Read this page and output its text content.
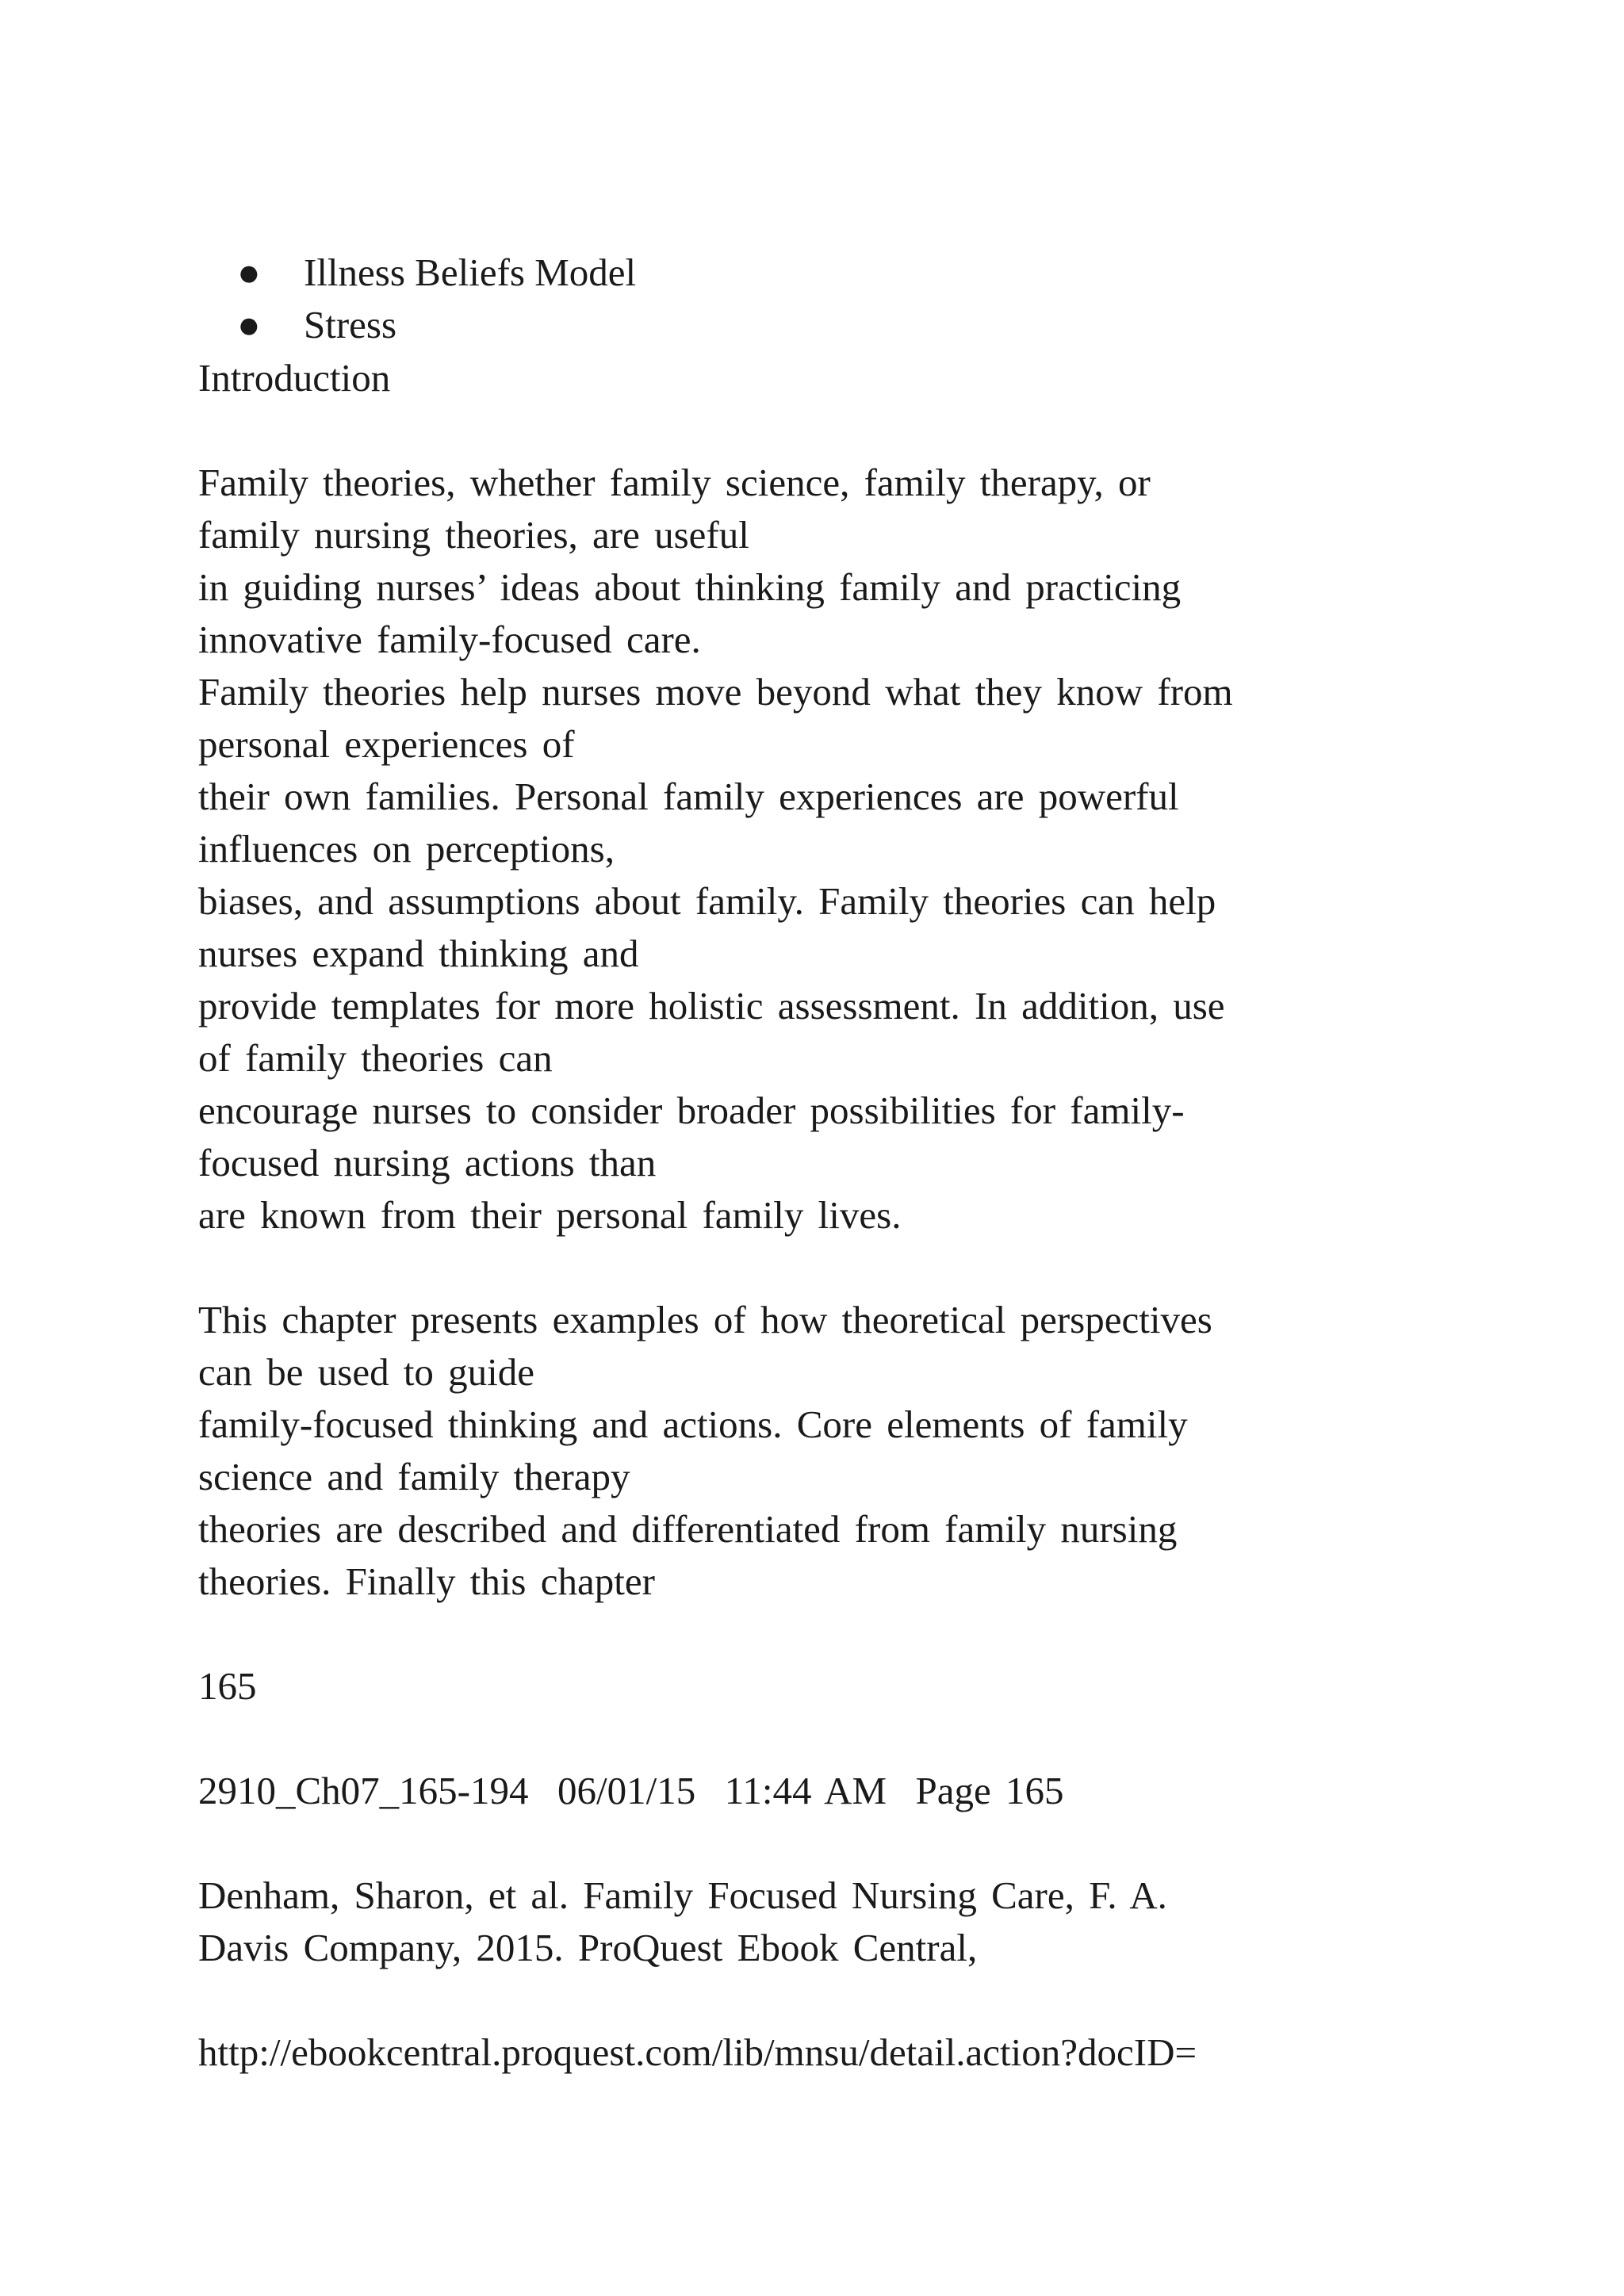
● Illness Beliefs Model

● Stress

Introduction
Family theories, whether family science, family therapy, or
family nursing theories, are useful
in guiding nurses’ ideas about thinking family and practicing
innovative family-focused care.
Family theories help nurses move beyond what they know from
personal experiences of
their own families. Personal family experiences are powerful
influences on perceptions,
biases, and assumptions about family. Family theories can help
nurses expand thinking and
provide templates for more holistic assessment. In addition, use
of family theories can
encourage nurses to consider broader possibilities for family-
focused nursing actions than
are known from their personal family lives.
This chapter presents examples of how theoretical perspectives
can be used to guide
family-focused thinking and actions. Core elements of family
science and family therapy
theories are described and differentiated from family nursing
theories. Finally this chapter
165
2910_Ch07_165-194  06/01/15  11:44 AM  Page 165
Denham, Sharon, et al. Family Focused Nursing Care, F. A.
Davis Company, 2015. ProQuest Ebook Central,
http://ebookcentral.proquest.com/lib/mnsu/detail.action?docID=
